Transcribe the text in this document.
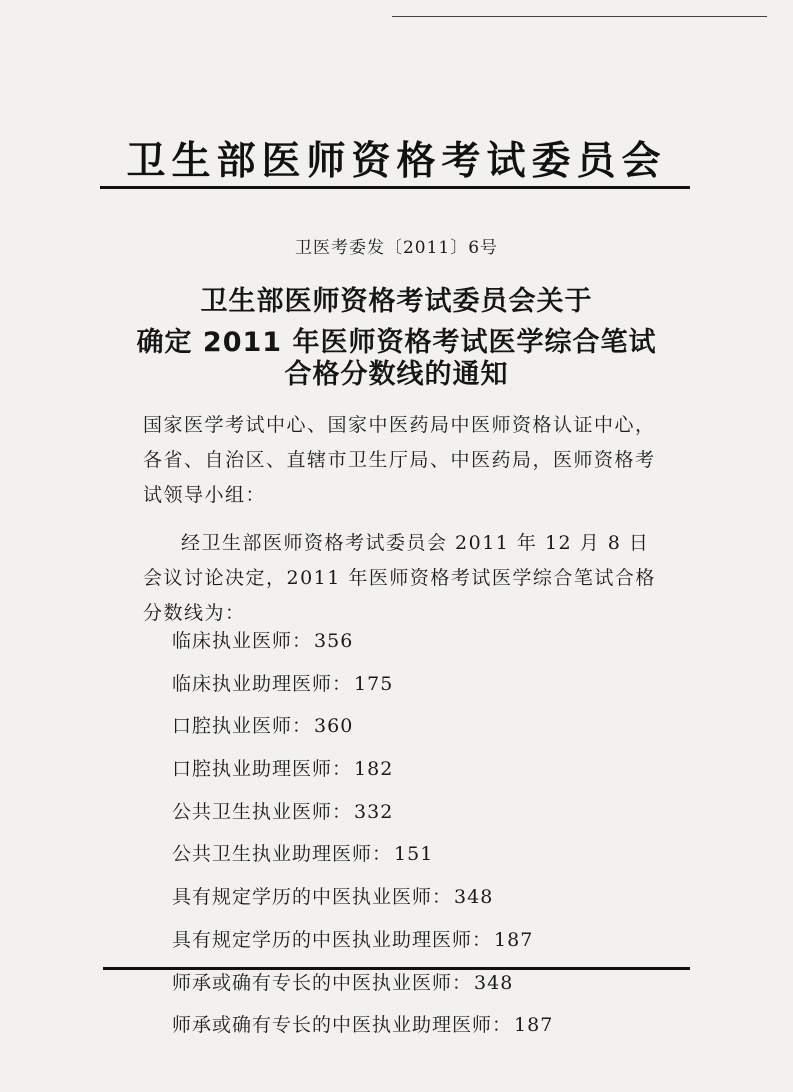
卫生部医师资格考试委员会
卫医考委发〔2011〕6号
卫生部医师资格考试委员会关于
确定 2011 年医师资格考试医学综合笔试
合格分数线的通知
国家医学考试中心、国家中医药局中医师资格认证中心，各省、自治区、直辖市卫生厅局、中医药局，医师资格考试领导小组：
经卫生部医师资格考试委员会 2011 年 12 月 8 日会议讨论决定，2011 年医师资格考试医学综合笔试合格分数线为：
临床执业医师： 356
临床执业助理医师： 175
口腔执业医师： 360
口腔执业助理医师： 182
公共卫生执业医师： 332
公共卫生执业助理医师： 151
具有规定学历的中医执业医师： 348
具有规定学历的中医执业助理医师： 187
师承或确有专长的中医执业医师： 348
师承或确有专长的中医执业助理医师： 187
